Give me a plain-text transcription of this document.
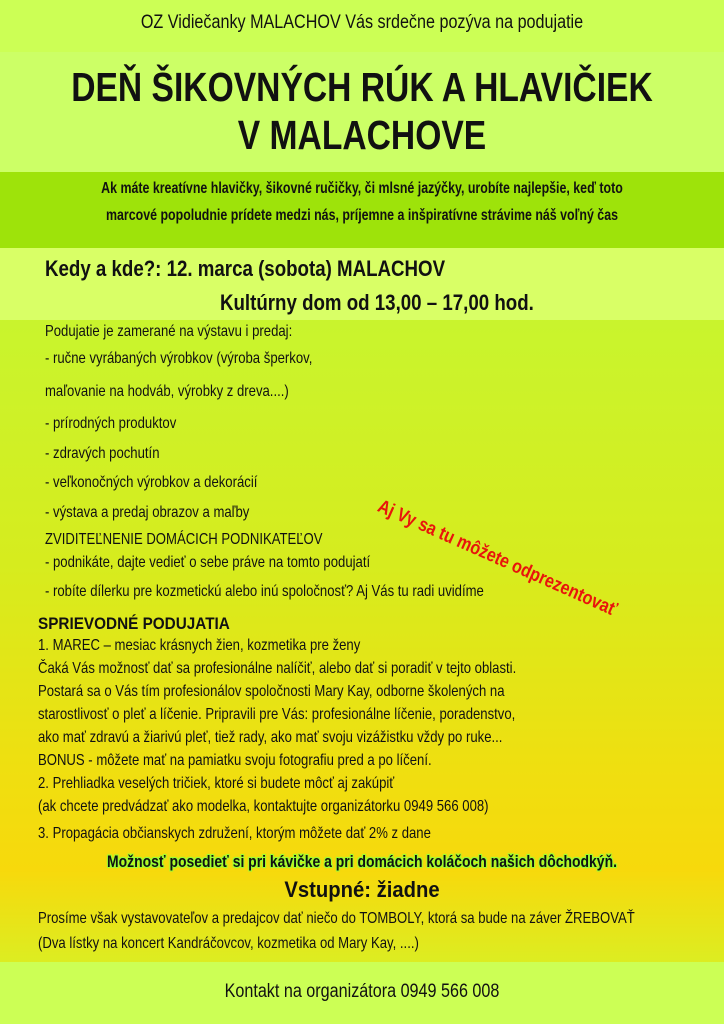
OZ Vidiečanky MALACHOV Vás srdečne pozýva na podujatie
DEŇ ŠIKOVNÝCH RÚK A HLAVIČIEK
V MALACHOVE
Ak máte kreatívne hlavičky, šikovné ručičky, či mlsné jazýčky, urobíte najlepšie, keď toto
marcové popoludnie prídete medzi nás, príjemne a inšpiratívne strávime náš voľný čas
Kedy a kde?: 12. marca (sobota) MALACHOV
Kultúrny dom od 13,00 – 17,00 hod.
Podujatie je zamerané na výstavu i predaj:
- ručne vyrábaných výrobkov (výroba šperkov,
maľovanie na hodváb, výrobky z dreva....)
- prírodných produktov
- zdravých pochutín
- veľkonočných výrobkov a dekorácií
- výstava a predaj obrazov a maľby
ZVIDITEĽNENIE DOMÁCICH PODNIKATEĽOV
- podnikáte, dajte vedieť o sebe práve na tomto podujatí
- robíte dílerku pre kozmetickú alebo inú spoločnosť? Aj Vás tu radi uvidíme
Aj Vy sa tu môžete odprezentovať
SPRIEVODNÉ PODUJATIA
1. MAREC – mesiac krásnych žien, kozmetika pre ženy
Čaká Vás možnosť dať sa profesionálne nalíčiť, alebo dať si poradiť v tejto oblasti.
Postará sa o Vás tím profesionálov spoločnosti Mary Kay, odborne školených na
starostlivosť o pleť a líčenie. Pripravili pre Vás: profesionálne líčenie, poradenstvo,
ako mať zdravú a žiarivú pleť, tiež rady, ako mať svoju vizážistku vždy po ruke...
BONUS - môžete mať na pamiatku svoju fotografiu pred a po líčení.
2. Prehliadka veselých tričiek, ktoré si budete môcť aj zakúpiť
(ak chcete predvádzať ako modelka, kontaktujte organizátorku 0949 566 008)
3. Propagácia občianskych združení, ktorým môžete dať 2% z dane
Možnosť posedieť si pri kávičke a pri domácich koláčoch našich dôchodkýň.
Vstupné: žiadne
Prosíme však vystavovateľov a predajcov dať niečo do TOMBOLY, ktorá sa bude na záver ŽREBOVAŤ
(Dva lístky na koncert Kandráčovcov, kozmetika od Mary Kay, ....)
Kontakt na organizátora 0949 566 008
